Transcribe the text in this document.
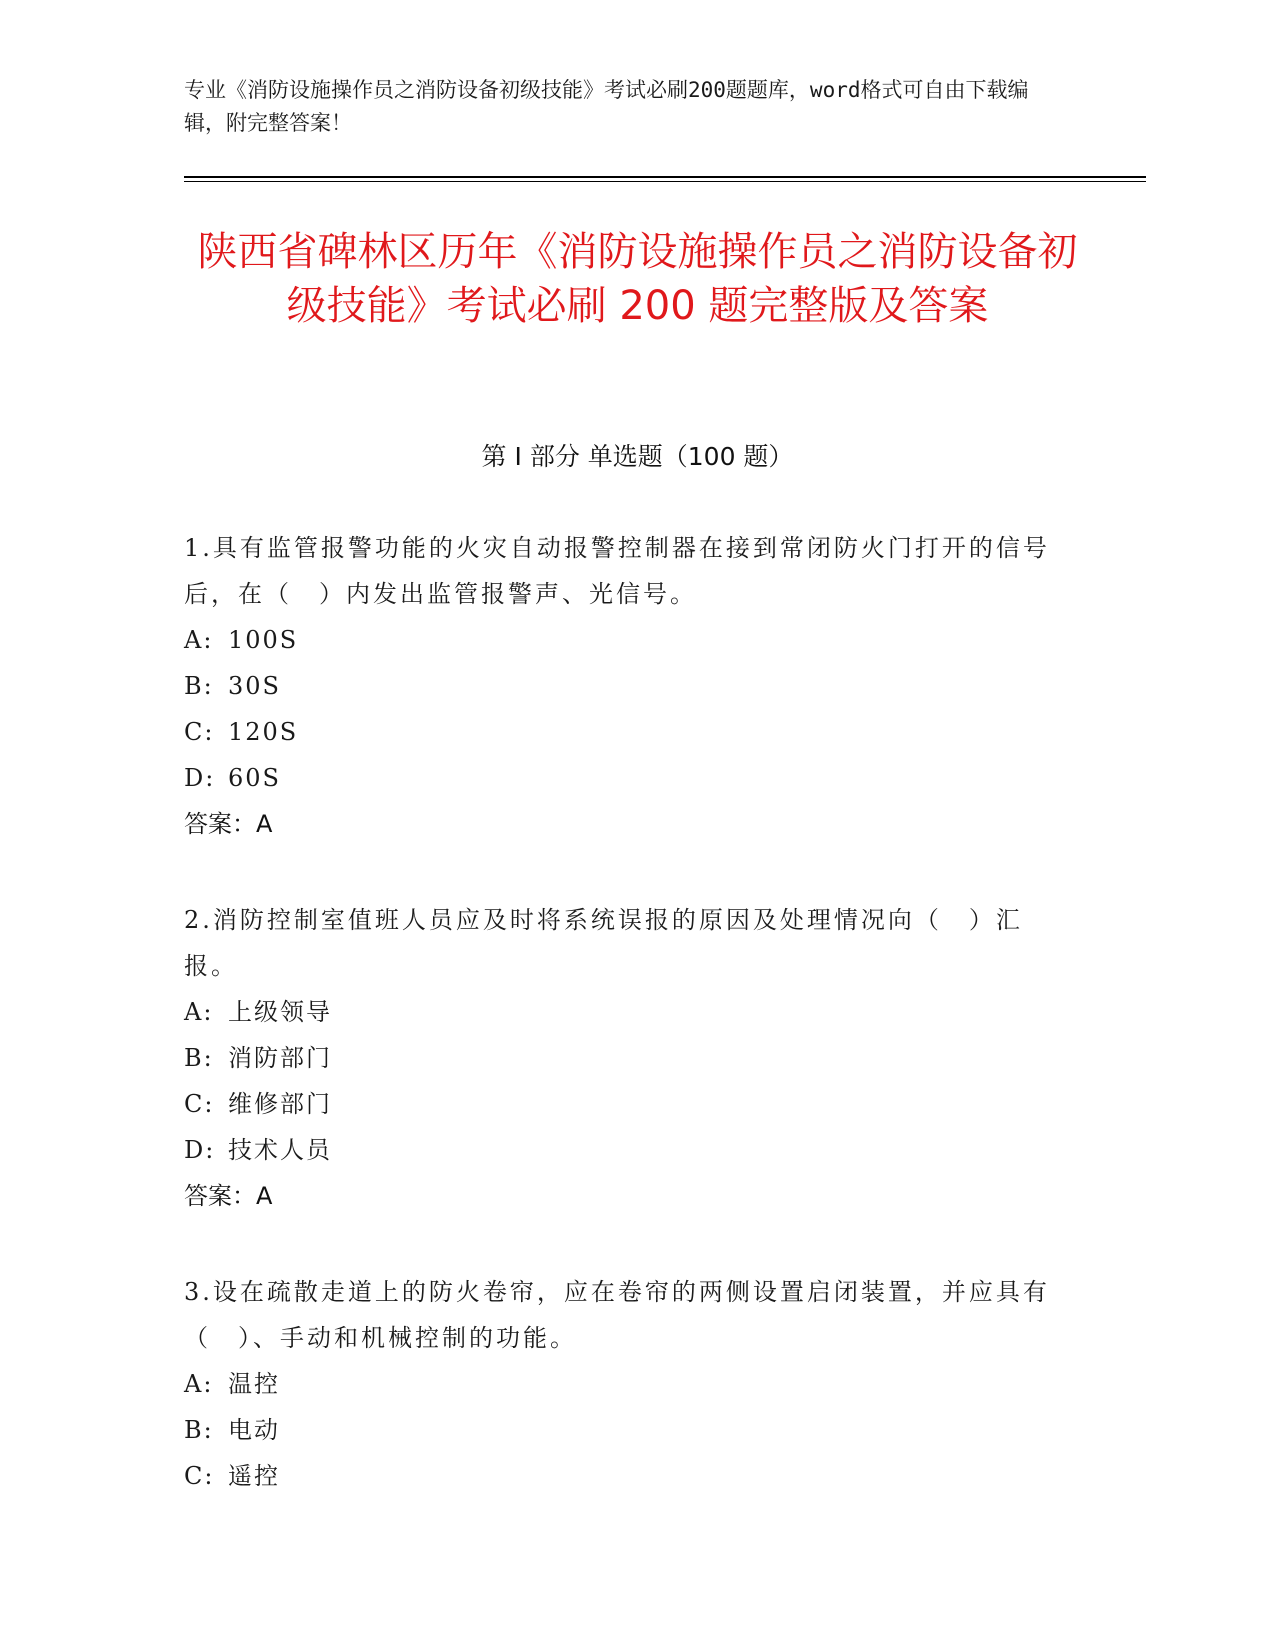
专业《消防设施操作员之消防设备初级技能》考试必刷200题题库，word格式可自由下载编辑，附完整答案！

陕西省碑林区历年《消防设施操作员之消防设备初级技能》考试必刷 200 题完整版及答案
第 I 部分 单选题（100 题）

1.具有监管报警功能的火灾自动报警控制器在接到常闭防火门打开的信号后，在（　）内发出监管报警声、光信号。

A: 100S

B: 30S

C: 120S

D: 60S

答案：A

2.消防控制室值班人员应及时将系统误报的原因及处理情况向（　）汇报。

A: 上级领导

B: 消防部门

C: 维修部门

D: 技术人员

答案：A

3.设在疏散走道上的防火卷帘，应在卷帘的两侧设置启闭装置，并应具有（　）、手动和机械控制的功能。

A: 温控

B: 电动

C: 遥控
